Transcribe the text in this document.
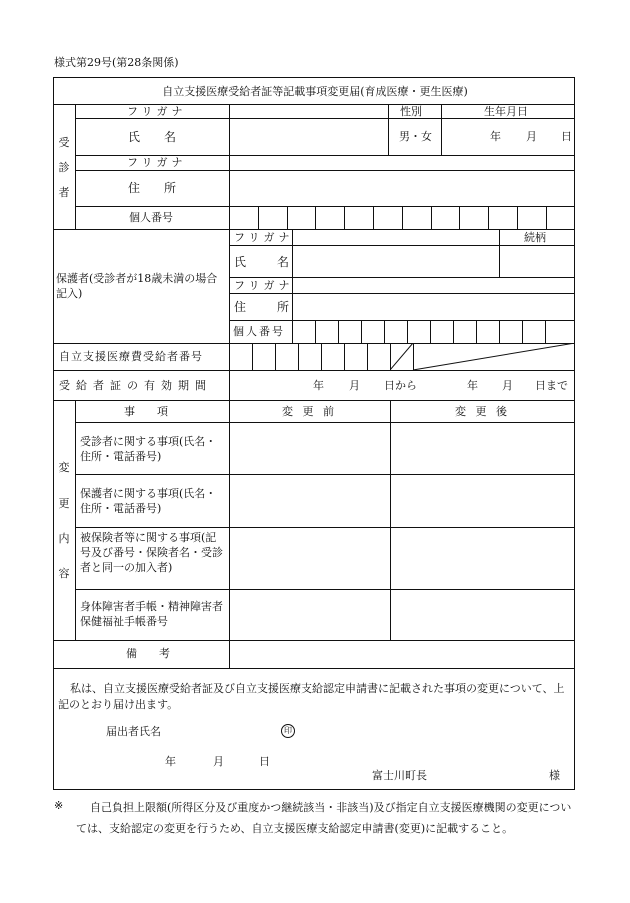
様式第29号(第28条関係)
自立支援医療受給者証等記載事項変更届(育成医療・更生医療)
受
診
者
フリガナ	性別	生年月日
氏　　名	男・女	年 月 日
フリガナ
住　　所
個人番号
保護者(受診者が18歳未満の場合記入)
フリガナ	続柄
氏	名
フリガナ
住	所
個人番号
自立支援医療費受給者番号
受給者証の有効期間	年 月 日から	年 月 日まで
変
更
内
容
事　　項	変 更 前	変 更 後
受診者に関する事項(氏名・住所・電話番号)
保護者に関する事項(氏名・住所・電話番号)
被保険者等に関する事項(記号及び番号・保険者名・受診者と同一の加入者)
身体障害者手帳・精神障害者保健福祉手帳番号
備　　考
私は、自立支援医療受給者証及び自立支援医療支給認定申請書に記載された事項の変更について、上記のとおり届け出ます。
届出者氏名	印
年	月	日
富士川町長	様
※	自己負担上限額(所得区分及び重度かつ継続該当・非該当)及び指定自立支援医療機関の変更については、支給認定の変更を行うため、自立支援医療支給認定申請書(変更)に記載すること。
